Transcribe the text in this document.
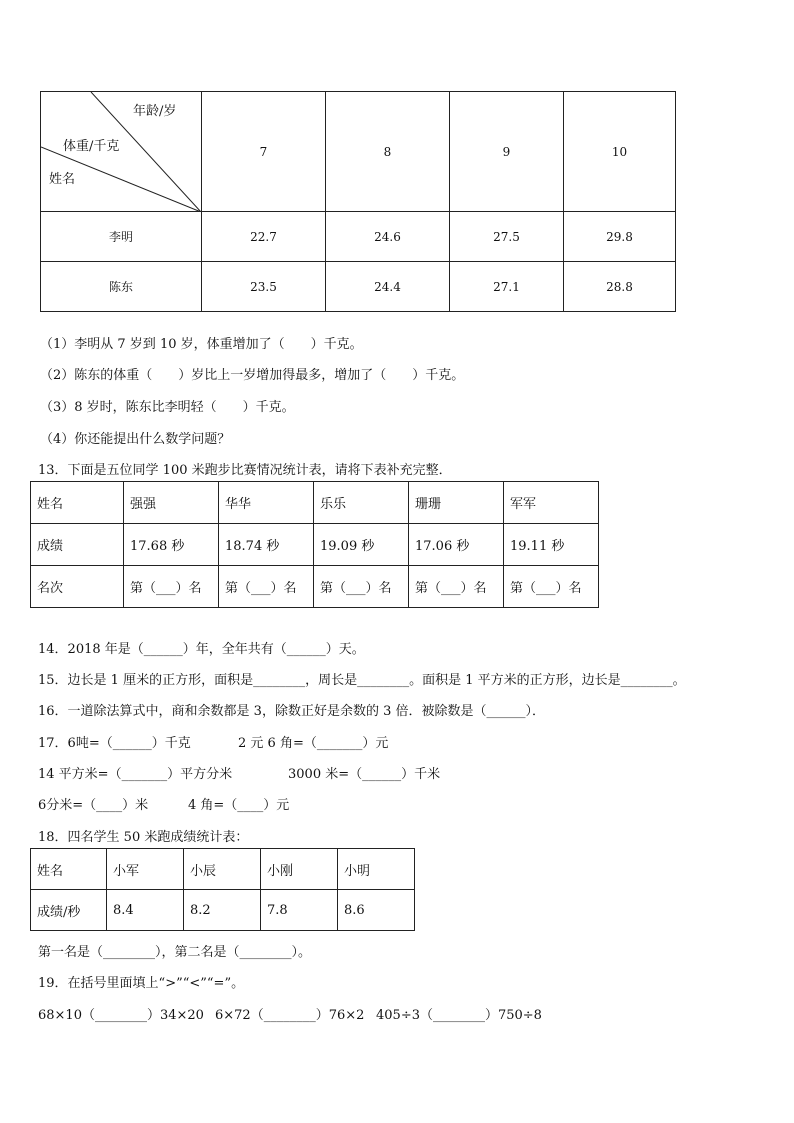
年龄/岁
体重/千克
姓名	7	8	9	10
李明	22.7	24.6	27.5	29.8
陈东	23.5	24.4	27.1	28.8
（1）李明从 7 岁到 10 岁，体重增加了（　　）千克。
（2）陈东的体重（　　）岁比上一岁增加得最多，增加了（　　）千克。
（3）8 岁时，陈东比李明轻（　　）千克。
（4）你还能提出什么数学问题？
13．下面是五位同学 100 米跑步比赛情况统计表，请将下表补充完整．
姓名	强强	华华	乐乐	珊珊	军军
成绩	17.68 秒	18.74 秒	19.09 秒	17.06 秒	19.11 秒
名次	第（___）名	第（___）名	第（___）名	第（___）名	第（___）名
14．2018 年是（______）年，全年共有（______）天。
15．边长是 1 厘米的正方形，面积是________，周长是________。面积是 1 平方米的正方形，边长是________。
16．一道除法算式中，商和余数都是 3，除数正好是余数的 3 倍．被除数是（______）．
17．6吨=（______）千克	2 元 6 角=（_______）元
14 平方米=（_______）平方分米	3000 米=（______）千米
6分米=（____）米	4 角=（____）元
18．四名学生 50 米跑成绩统计表：
姓名	小军	小辰	小刚	小明
成绩/秒	8.4	8.2	7.8	8.6
第一名是（________），第二名是（________）。
19．在括号里面填上“>”“<”“=”。
68×10（________）34×20 6×72（________）76×2 405÷3（________）750÷8
